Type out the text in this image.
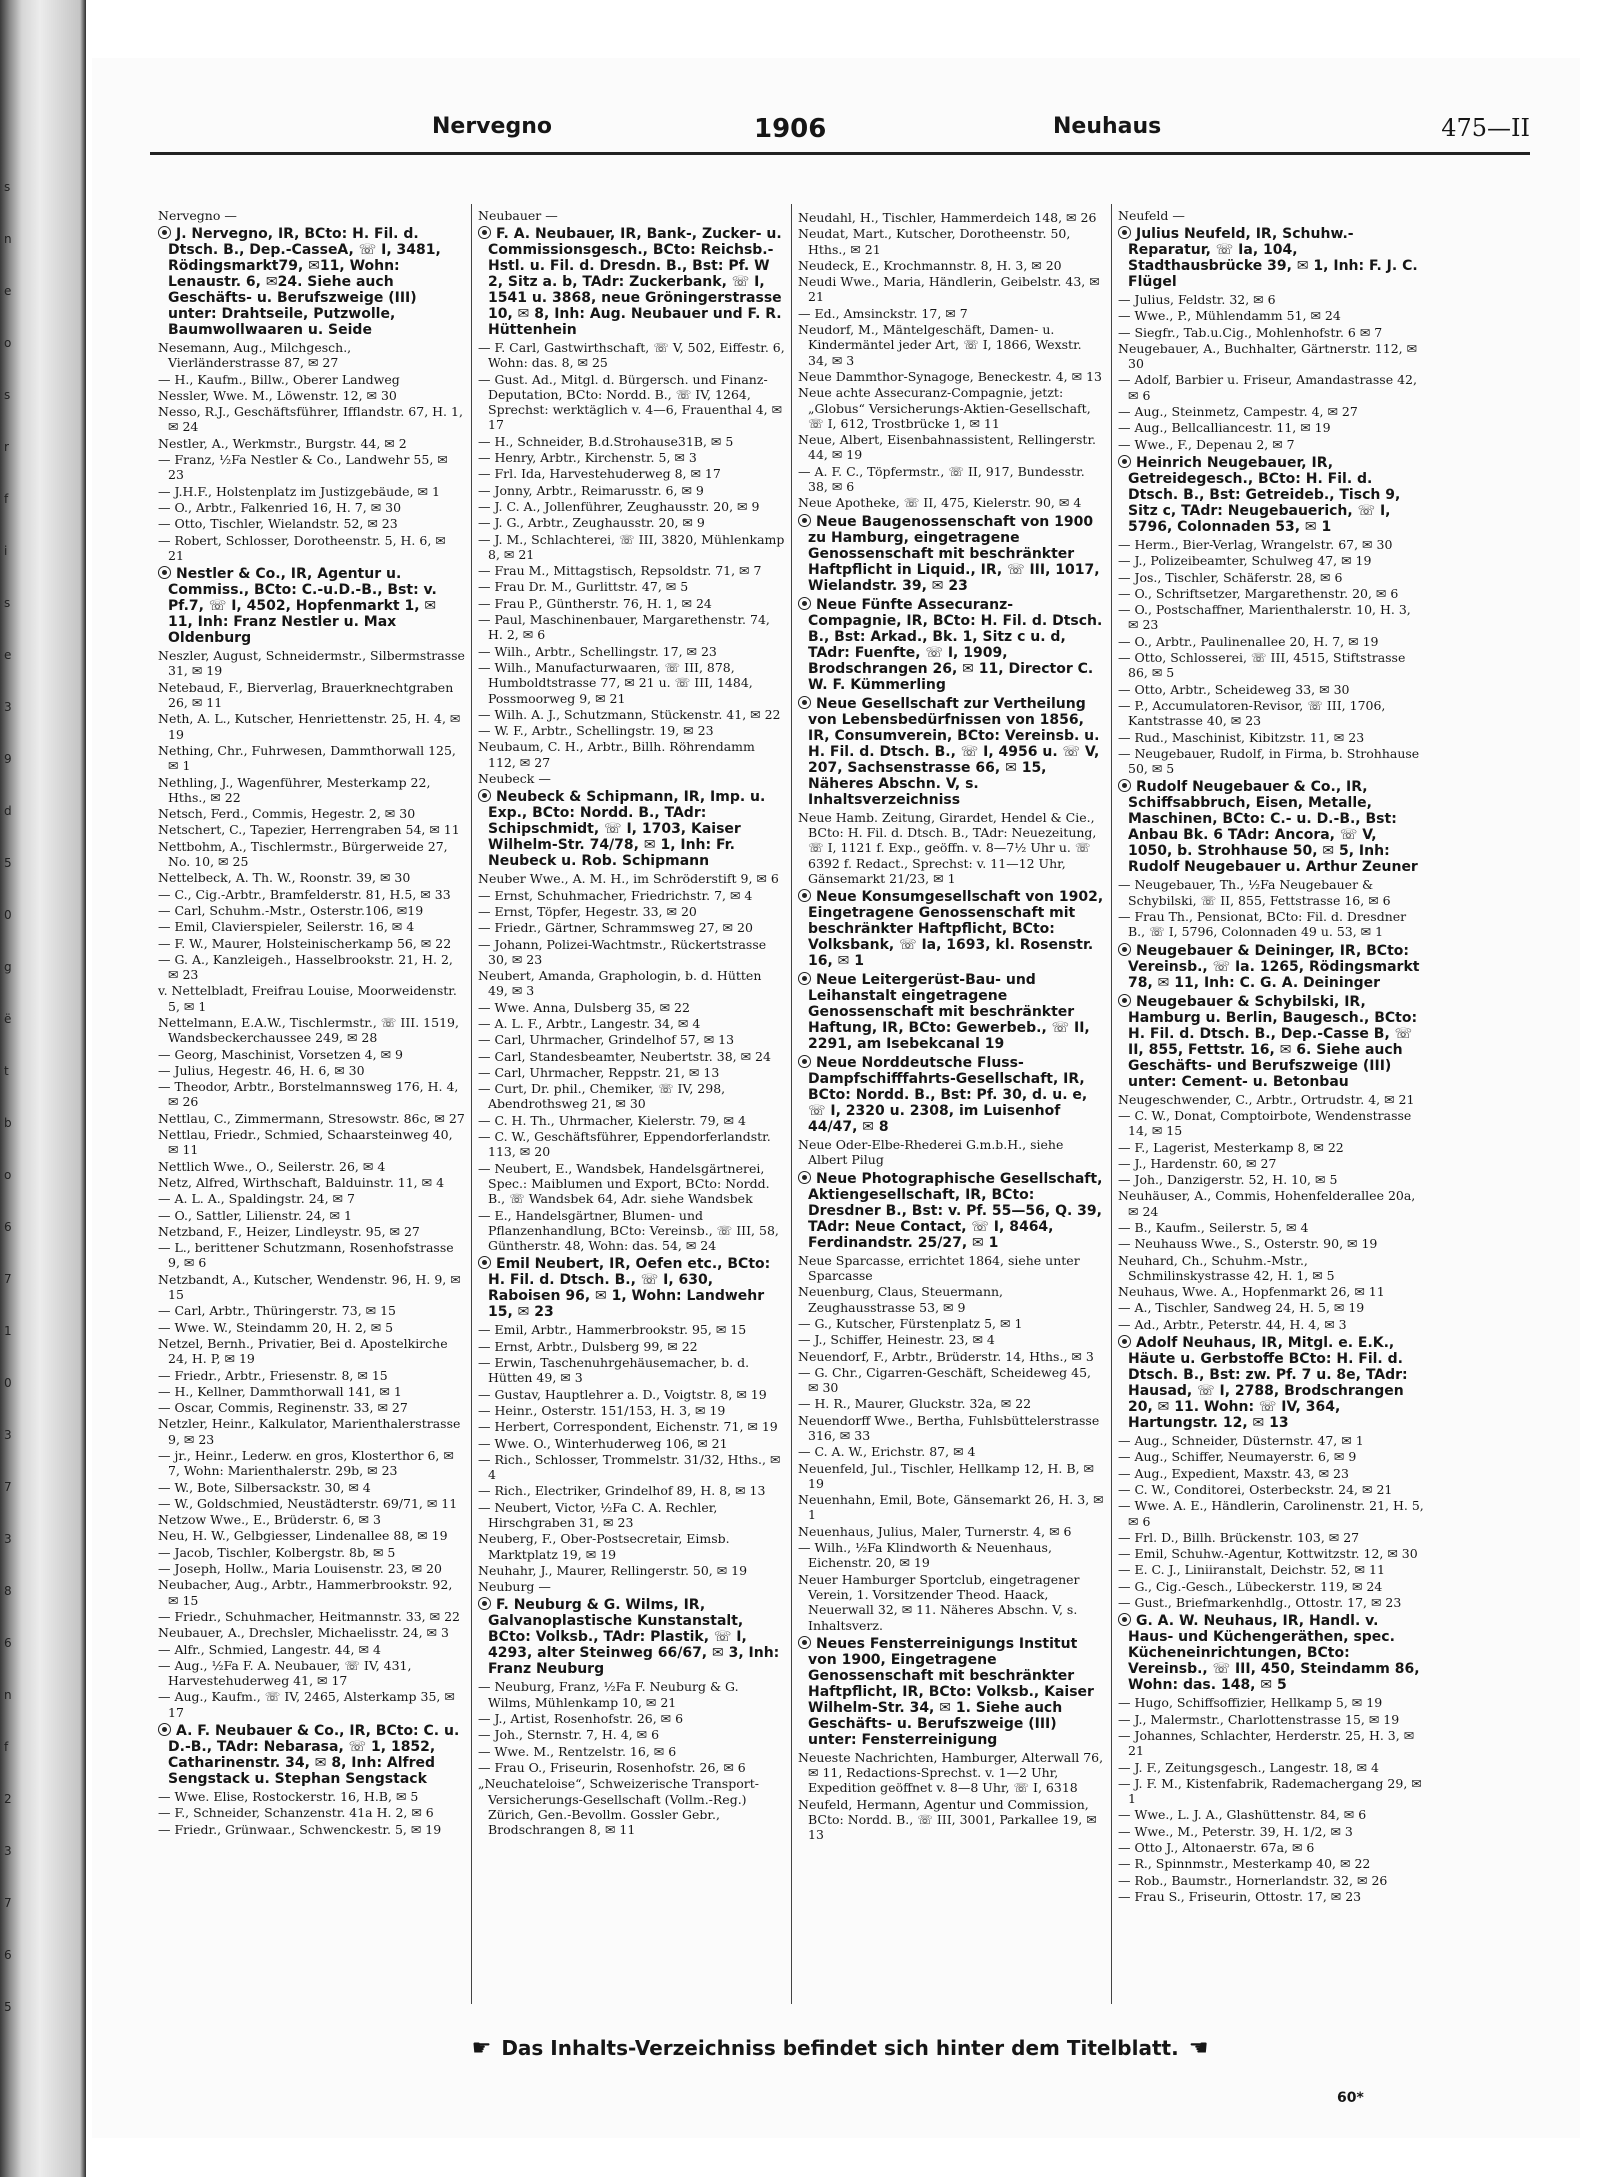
s
n
e
o
s
r
f
i
s
e
3
9
d
5
0
g
ë
t
b
o
6
7
1
0
3
7
3
8
6
n
f
2
3
7
6
5
Nervegno	1906	Neuhaus	475—II
Nervegno —
J. Nervegno, IR, BCto: H. Fil. d. Dtsch. B., Dep.-CasseA, ☏ I, 3481, Rödingsmarkt79, ✉11, Wohn: Lenaustr. 6, ✉24. Siehe auch Geschäfts- u. Berufszweige (III) unter: Drahtseile, Putzwolle, Baumwollwaaren u. Seide
Nesemann, Aug., Milchgesch., Vierländerstrasse 87, ✉ 27
— H., Kaufm., Billw., Oberer Landweg
Nessler, Wwe. M., Löwenstr. 12, ✉ 30
Nesso, R.J., Geschäftsführer, Ifflandstr. 67, H. 1, ✉ 24
Nestler, A., Werkmstr., Burgstr. 44, ✉ 2
— Franz, ½Fa Nestler & Co., Landwehr 55, ✉ 23
— J.H.F., Holstenplatz im Justizgebäude, ✉ 1
— O., Arbtr., Falkenried 16, H. 7, ✉ 30
— Otto, Tischler, Wielandstr. 52, ✉ 23
— Robert, Schlosser, Dorotheenstr. 5, H. 6, ✉ 21
Nestler & Co., IR, Agentur u. Commiss., BCto: C.-u.D.-B., Bst: v. Pf.7, ☏ I, 4502, Hopfenmarkt 1, ✉ 11, Inh: Franz Nestler u. Max Oldenburg
Neszler, August, Schneidermstr., Silbermstrasse 31, ✉ 19
Netebaud, F., Bierverlag, Brauerknechtgraben 26, ✉ 11
Neth, A. L., Kutscher, Henriettenstr. 25, H. 4, ✉ 19
Nething, Chr., Fuhrwesen, Dammthorwall 125, ✉ 1
Nethling, J., Wagenführer, Mesterkamp 22, Hths., ✉ 22
Netsch, Ferd., Commis, Hegestr. 2, ✉ 30
Netschert, C., Tapezier, Herrengraben 54, ✉ 11
Nettbohm, A., Tischlermstr., Bürgerweide 27, No. 10, ✉ 25
Nettelbeck, A. Th. W., Roonstr. 39, ✉ 30
— C., Cig.-Arbtr., Bramfelderstr. 81, H.5, ✉ 33
— Carl, Schuhm.-Mstr., Osterstr.106, ✉19
— Emil, Clavierspieler, Seilerstr. 16, ✉ 4
— F. W., Maurer, Holsteinischerkamp 56, ✉ 22
— G. A., Kanzleigeh., Hasselbrookstr. 21, H. 2, ✉ 23
v. Nettelbladt, Freifrau Louise, Moorweidenstr. 5, ✉ 1
Nettelmann, E.A.W., Tischlermstr., ☏ III. 1519, Wandsbeckerchaussee 249, ✉ 28
— Georg, Maschinist, Vorsetzen 4, ✉ 9
— Julius, Hegestr. 46, H. 6, ✉ 30
— Theodor, Arbtr., Borstelmannsweg 176, H. 4, ✉ 26
Nettlau, C., Zimmermann, Stresowstr. 86c, ✉ 27
Nettlau, Friedr., Schmied, Schaarsteinweg 40, ✉ 11
Nettlich Wwe., O., Seilerstr. 26, ✉ 4
Netz, Alfred, Wirthschaft, Balduinstr. 11, ✉ 4
— A. L. A., Spaldingstr. 24, ✉ 7
— O., Sattler, Lilienstr. 24, ✉ 1
Netzband, F., Heizer, Lindleystr. 95, ✉ 27
— L., berittener Schutzmann, Rosenhofstrasse 9, ✉ 6
Netzbandt, A., Kutscher, Wendenstr. 96, H. 9, ✉ 15
— Carl, Arbtr., Thüringerstr. 73, ✉ 15
— Wwe. W., Steindamm 20, H. 2, ✉ 5
Netzel, Bernh., Privatier, Bei d. Apostelkirche 24, H. P, ✉ 19
— Friedr., Arbtr., Friesenstr. 8, ✉ 15
— H., Kellner, Dammthorwall 141, ✉ 1
— Oscar, Commis, Reginenstr. 33, ✉ 27
Netzler, Heinr., Kalkulator, Marienthalerstrasse 9, ✉ 23
— jr., Heinr., Lederw. en gros, Klosterthor 6, ✉ 7, Wohn: Marienthalerstr. 29b, ✉ 23
— W., Bote, Silbersackstr. 30, ✉ 4
— W., Goldschmied, Neustädterstr. 69/71, ✉ 11
Netzow Wwe., E., Brüderstr. 6, ✉ 3
Neu, H. W., Gelbgiesser, Lindenallee 88, ✉ 19
— Jacob, Tischler, Kolbergstr. 8b, ✉ 5
— Joseph, Hollw., Maria Louisenstr. 23, ✉ 20
Neubacher, Aug., Arbtr., Hammerbrookstr. 92, ✉ 15
— Friedr., Schuhmacher, Heitmannstr. 33, ✉ 22
Neubauer, A., Drechsler, Michaelisstr. 24, ✉ 3
— Alfr., Schmied, Langestr. 44, ✉ 4
— Aug., ½Fa F. A. Neubauer, ☏ IV, 431, Harvestehuderweg 41, ✉ 17
— Aug., Kaufm., ☏ IV, 2465, Alsterkamp 35, ✉ 17
A. F. Neubauer & Co., IR, BCto: C. u. D.-B., TAdr: Nebarasa, ☏ 1, 1852, Catharinenstr. 34, ✉ 8, Inh: Alfred Sengstack u. Stephan Sengstack
— Wwe. Elise, Rostockerstr. 16, H.B, ✉ 5
— F., Schneider, Schanzenstr. 41a H. 2, ✉ 6
— Friedr., Grünwaar., Schwenckestr. 5, ✉ 19
Neubauer —
F. A. Neubauer, IR, Bank-, Zucker- u. Commissionsgesch., BCto: Reichsb.-Hstl. u. Fil. d. Dresdn. B., Bst: Pf. W 2, Sitz a. b, TAdr: Zuckerbank, ☏ I, 1541 u. 3868, neue Gröningerstrasse 10, ✉ 8, Inh: Aug. Neubauer und F. R. Hüttenhein
— F. Carl, Gastwirthschaft, ☏ V, 502, Eiffestr. 6, Wohn: das. 8, ✉ 25
— Gust. Ad., Mitgl. d. Bürgersch. und Finanz-Deputation, BCto: Nordd. B., ☏ IV, 1264, Sprechst: werktäglich v. 4—6, Frauenthal 4, ✉ 17
— H., Schneider, B.d.Strohause31B, ✉ 5
— Henry, Arbtr., Kirchenstr. 5, ✉ 3
— Frl. Ida, Harvestehuderweg 8, ✉ 17
— Jonny, Arbtr., Reimarusstr. 6, ✉ 9
— J. C. A., Jollenführer, Zeughausstr. 20, ✉ 9
— J. G., Arbtr., Zeughausstr. 20, ✉ 9
— J. M., Schlachterei, ☏ III, 3820, Mühlenkamp 8, ✉ 21
— Frau M., Mittagstisch, Repsoldstr. 71, ✉ 7
— Frau Dr. M., Gurlittstr. 47, ✉ 5
— Frau P., Güntherstr. 76, H. 1, ✉ 24
— Paul, Maschinenbauer, Margarethenstr. 74, H. 2, ✉ 6
— Wilh., Arbtr., Schellingstr. 17, ✉ 23
— Wilh., Manufacturwaaren, ☏ III, 878, Humboldtstrasse 77, ✉ 21 u. ☏ III, 1484, Possmoorweg 9, ✉ 21
— Wilh. A. J., Schutzmann, Stückenstr. 41, ✉ 22
— W. F., Arbtr., Schellingstr. 19, ✉ 23
Neubaum, C. H., Arbtr., Billh. Röhrendamm 112, ✉ 27
Neubeck —
Neubeck & Schipmann, IR, Imp. u. Exp., BCto: Nordd. B., TAdr: Schipschmidt, ☏ I, 1703, Kaiser Wilhelm-Str. 74/78, ✉ 1, Inh: Fr. Neubeck u. Rob. Schipmann
Neuber Wwe., A. M. H., im Schröderstift 9, ✉ 6
— Ernst, Schuhmacher, Friedrichstr. 7, ✉ 4
— Ernst, Töpfer, Hegestr. 33, ✉ 20
— Friedr., Gärtner, Schrammsweg 27, ✉ 20
— Johann, Polizei-Wachtmstr., Rückertstrasse 30, ✉ 23
Neubert, Amanda, Graphologin, b. d. Hütten 49, ✉ 3
— Wwe. Anna, Dulsberg 35, ✉ 22
— A. L. F., Arbtr., Langestr. 34, ✉ 4
— Carl, Uhrmacher, Grindelhof 57, ✉ 13
— Carl, Standesbeamter, Neubertstr. 38, ✉ 24
— Carl, Uhrmacher, Reppstr. 21, ✉ 13
— Curt, Dr. phil., Chemiker, ☏ IV, 298, Abendrothsweg 21, ✉ 30
— C. H. Th., Uhrmacher, Kielerstr. 79, ✉ 4
— C. W., Geschäftsführer, Eppendorferlandstr. 113, ✉ 20
— Neubert, E., Wandsbek, Handelsgärtnerei, Spec.: Maiblumen und Export, BCto: Nordd. B., ☏ Wandsbek 64, Adr. siehe Wandsbek
— E., Handelsgärtner, Blumen- und Pflanzenhandlung, BCto: Vereinsb., ☏ III, 58, Güntherstr. 48, Wohn: das. 54, ✉ 24
Emil Neubert, IR, Oefen etc., BCto: H. Fil. d. Dtsch. B., ☏ I, 630, Raboisen 96, ✉ 1, Wohn: Landwehr 15, ✉ 23
— Emil, Arbtr., Hammerbrookstr. 95, ✉ 15
— Ernst, Arbtr., Dulsberg 99, ✉ 22
— Erwin, Taschenuhrgehäusemacher, b. d. Hütten 49, ✉ 3
— Gustav, Hauptlehrer a. D., Voigtstr. 8, ✉ 19
— Heinr., Osterstr. 151/153, H. 3, ✉ 19
— Herbert, Correspondent, Eichenstr. 71, ✉ 19
— Wwe. O., Winterhuderweg 106, ✉ 21
— Rich., Schlosser, Trommelstr. 31/32, Hths., ✉ 4
— Rich., Electriker, Grindelhof 89, H. 8, ✉ 13
— Neubert, Victor, ½Fa C. A. Rechler, Hirschgraben 31, ✉ 23
Neuberg, F., Ober-Postsecretair, Eimsb. Marktplatz 19, ✉ 19
Neuhahr, J., Maurer, Rellingerstr. 50, ✉ 19
Neuburg —
F. Neuburg & G. Wilms, IR, Galvanoplastische Kunstanstalt, BCto: Volksb., TAdr: Plastik, ☏ I, 4293, alter Steinweg 66/67, ✉ 3, Inh: Franz Neuburg
— Neuburg, Franz, ½Fa F. Neuburg & G. Wilms, Mühlenkamp 10, ✉ 21
— J., Artist, Rosenhofstr. 26, ✉ 6
— Joh., Sternstr. 7, H. 4, ✉ 6
— Wwe. M., Rentzelstr. 16, ✉ 6
— Frau O., Friseurin, Rosenhofstr. 26, ✉ 6
„Neuchateloise“, Schweizerische Transport-Versicherungs-Gesellschaft (Vollm.-Reg.) Zürich, Gen.-Bevollm. Gossler Gebr., Brodschrangen 8, ✉ 11
Neudahl, H., Tischler, Hammerdeich 148, ✉ 26
Neudat, Mart., Kutscher, Dorotheenstr. 50, Hths., ✉ 21
Neudeck, E., Krochmannstr. 8, H. 3, ✉ 20
Neudi Wwe., Maria, Händlerin, Geibelstr. 43, ✉ 21
— Ed., Amsinckstr. 17, ✉ 7
Neudorf, M., Mäntelgeschäft, Damen- u. Kindermäntel jeder Art, ☏ I, 1866, Wexstr. 34, ✉ 3
Neue Dammthor-Synagoge, Beneckestr. 4, ✉ 13
Neue achte Assecuranz-Compagnie, jetzt: „Globus“ Versicherungs-Aktien-Gesellschaft, ☏ I, 612, Trostbrücke 1, ✉ 11
Neue, Albert, Eisenbahnassistent, Rellingerstr. 44, ✉ 19
— A. F. C., Töpfermstr., ☏ II, 917, Bundesstr. 38, ✉ 6
Neue Apotheke, ☏ II, 475, Kielerstr. 90, ✉ 4
Neue Baugenossenschaft von 1900 zu Hamburg, eingetragene Genossenschaft mit beschränkter Haftpflicht in Liquid., IR, ☏ III, 1017, Wielandstr. 39, ✉ 23
Neue Fünfte Assecuranz-Compagnie, IR, BCto: H. Fil. d. Dtsch. B., Bst: Arkad., Bk. 1, Sitz c u. d, TAdr: Fuenfte, ☏ I, 1909, Brodschrangen 26, ✉ 11, Director C. W. F. Kümmerling
Neue Gesellschaft zur Vertheilung von Lebensbedürfnissen von 1856, IR, Consumverein, BCto: Vereinsb. u. H. Fil. d. Dtsch. B., ☏ I, 4956 u. ☏ V, 207, Sachsenstrasse 66, ✉ 15, Näheres Abschn. V, s. Inhaltsverzeichniss
Neue Hamb. Zeitung, Girardet, Hendel & Cie., BCto: H. Fil. d. Dtsch. B., TAdr: Neuezeitung, ☏ I, 1121 f. Exp., geöffn. v. 8—7½ Uhr u. ☏ 6392 f. Redact., Sprechst: v. 11—12 Uhr, Gänsemarkt 21/23, ✉ 1
Neue Konsumgesellschaft von 1902, Eingetragene Genossenschaft mit beschränkter Haftpflicht, BCto: Volksbank, ☏ Ia, 1693, kl. Rosenstr. 16, ✉ 1
Neue Leitergerüst-Bau- und Leihanstalt eingetragene Genossenschaft mit beschränkter Haftung, IR, BCto: Gewerbeb., ☏ II, 2291, am Isebekcanal 19
Neue Norddeutsche Fluss-Dampfschifffahrts-Gesellschaft, IR, BCto: Nordd. B., Bst: Pf. 30, d. u. e, ☏ I, 2320 u. 2308, im Luisenhof 44/47, ✉ 8
Neue Oder-Elbe-Rhederei G.m.b.H., siehe Albert Pilug
Neue Photographische Gesellschaft, Aktiengesellschaft, IR, BCto: Dresdner B., Bst: v. Pf. 55—56, Q. 39, TAdr: Neue Contact, ☏ I, 8464, Ferdinandstr. 25/27, ✉ 1
Neue Sparcasse, errichtet 1864, siehe unter Sparcasse
Neuenburg, Claus, Steuermann, Zeughausstrasse 53, ✉ 9
— G., Kutscher, Fürstenplatz 5, ✉ 1
— J., Schiffer, Heinestr. 23, ✉ 4
Neuendorf, F., Arbtr., Brüderstr. 14, Hths., ✉ 3
— G. Chr., Cigarren-Geschäft, Scheideweg 45, ✉ 30
— H. R., Maurer, Gluckstr. 32a, ✉ 22
Neuendorff Wwe., Bertha, Fuhlsbüttelerstrasse 316, ✉ 33
— C. A. W., Erichstr. 87, ✉ 4
Neuenfeld, Jul., Tischler, Hellkamp 12, H. B, ✉ 19
Neuenhahn, Emil, Bote, Gänsemarkt 26, H. 3, ✉ 1
Neuenhaus, Julius, Maler, Turnerstr. 4, ✉ 6
— Wilh., ½Fa Klindworth & Neuenhaus, Eichenstr. 20, ✉ 19
Neuer Hamburger Sportclub, eingetragener Verein, 1. Vorsitzender Theod. Haack, Neuerwall 32, ✉ 11. Näheres Abschn. V, s. Inhaltsverz.
Neues Fensterreinigungs Institut von 1900, Eingetragene Genossenschaft mit beschränkter Haftpflicht, IR, BCto: Volksb., Kaiser Wilhelm-Str. 34, ✉ 1. Siehe auch Geschäfts- u. Berufszweige (III) unter: Fensterreinigung
Neueste Nachrichten, Hamburger, Alterwall 76, ✉ 11, Redactions-Sprechst. v. 1—2 Uhr, Expedition geöffnet v. 8—8 Uhr, ☏ I, 6318
Neufeld, Hermann, Agentur und Commission, BCto: Nordd. B., ☏ III, 3001, Parkallee 19, ✉ 13
Neufeld —
Julius Neufeld, IR, Schuhw.-Reparatur, ☏ Ia, 104, Stadthausbrücke 39, ✉ 1, Inh: F. J. C. Flügel
— Julius, Feldstr. 32, ✉ 6
— Wwe., P., Mühlendamm 51, ✉ 24
— Siegfr., Tab.u.Cig., Mohlenhofstr. 6 ✉ 7
Neugebauer, A., Buchhalter, Gärtnerstr. 112, ✉ 30
— Adolf, Barbier u. Friseur, Amandastrasse 42, ✉ 6
— Aug., Steinmetz, Campestr. 4, ✉ 27
— Aug., Bellcalliancestr. 11, ✉ 19
— Wwe., F., Depenau 2, ✉ 7
Heinrich Neugebauer, IR, Getreidegesch., BCto: H. Fil. d. Dtsch. B., Bst: Getreideb., Tisch 9, Sitz c, TAdr: Neugebauerich, ☏ I, 5796, Colonnaden 53, ✉ 1
— Herm., Bier-Verlag, Wrangelstr. 67, ✉ 30
— J., Polizeibeamter, Schulweg 47, ✉ 19
— Jos., Tischler, Schäferstr. 28, ✉ 6
— O., Schriftsetzer, Margarethenstr. 20, ✉ 6
— O., Postschaffner, Marienthalerstr. 10, H. 3, ✉ 23
— O., Arbtr., Paulinenallee 20, H. 7, ✉ 19
— Otto, Schlosserei, ☏ III, 4515, Stiftstrasse 86, ✉ 5
— Otto, Arbtr., Scheideweg 33, ✉ 30
— P., Accumulatoren-Revisor, ☏ III, 1706, Kantstrasse 40, ✉ 23
— Rud., Maschinist, Kibitzstr. 11, ✉ 23
— Neugebauer, Rudolf, in Firma, b. Strohhause 50, ✉ 5
Rudolf Neugebauer & Co., IR, Schiffsabbruch, Eisen, Metalle, Maschinen, BCto: C.- u. D.-B., Bst: Anbau Bk. 6 TAdr: Ancora, ☏ V, 1050, b. Strohhause 50, ✉ 5, Inh: Rudolf Neugebauer u. Arthur Zeuner
— Neugebauer, Th., ½Fa Neugebauer & Schybilski, ☏ II, 855, Fettstrasse 16, ✉ 6
— Frau Th., Pensionat, BCto: Fil. d. Dresdner B., ☏ I, 5796, Colonnaden 49 u. 53, ✉ 1
Neugebauer & Deininger, IR, BCto: Vereinsb., ☏ Ia. 1265, Rödingsmarkt 78, ✉ 11, Inh: C. G. A. Deininger
Neugebauer & Schybilski, IR, Hamburg u. Berlin, Baugesch., BCto: H. Fil. d. Dtsch. B., Dep.-Casse B, ☏ II, 855, Fettstr. 16, ✉ 6. Siehe auch Geschäfts- und Berufszweige (III) unter: Cement- u. Betonbau
Neugeschwender, C., Arbtr., Ortrudstr. 4, ✉ 21
— C. W., Donat, Comptoirbote, Wendenstrasse 14, ✉ 15
— F., Lagerist, Mesterkamp 8, ✉ 22
— J., Hardenstr. 60, ✉ 27
— Joh., Danzigerstr. 52, H. 10, ✉ 5
Neuhäuser, A., Commis, Hohenfelderallee 20a, ✉ 24
— B., Kaufm., Seilerstr. 5, ✉ 4
— Neuhauss Wwe., S., Osterstr. 90, ✉ 19
Neuhard, Ch., Schuhm.-Mstr., Schmilinskystrasse 42, H. 1, ✉ 5
Neuhaus, Wwe. A., Hopfenmarkt 26, ✉ 11
— A., Tischler, Sandweg 24, H. 5, ✉ 19
— Ad., Arbtr., Peterstr. 44, H. 4, ✉ 3
Adolf Neuhaus, IR, Mitgl. e. E.K., Häute u. Gerbstoffe BCto: H. Fil. d. Dtsch. B., Bst: zw. Pf. 7 u. 8e, TAdr: Hausad, ☏ I, 2788, Brodschrangen 20, ✉ 11. Wohn: ☏ IV, 364, Hartungstr. 12, ✉ 13
— Aug., Schneider, Düsternstr. 47, ✉ 1
— Aug., Schiffer, Neumayerstr. 6, ✉ 9
— Aug., Expedient, Maxstr. 43, ✉ 23
— C. W., Conditorei, Osterbeckstr. 24, ✉ 21
— Wwe. A. E., Händlerin, Carolinenstr. 21, H. 5, ✉ 6
— Frl. D., Billh. Brückenstr. 103, ✉ 27
— Emil, Schuhw.-Agentur, Kottwitzstr. 12, ✉ 30
— E. C. J., Liniiranstalt, Deichstr. 52, ✉ 11
— G., Cig.-Gesch., Lübeckerstr. 119, ✉ 24
— Gust., Briefmarkenhdlg., Ottostr. 17, ✉ 23
G. A. W. Neuhaus, IR, Handl. v. Haus- und Küchengeräthen, spec. Kücheneinrichtungen, BCto: Vereinsb., ☏ III, 450, Steindamm 86, Wohn: das. 148, ✉ 5
— Hugo, Schiffsoffizier, Hellkamp 5, ✉ 19
— J., Malermstr., Charlottenstrasse 15, ✉ 19
— Johannes, Schlachter, Herderstr. 25, H. 3, ✉ 21
— J. F., Zeitungsgesch., Langestr. 18, ✉ 4
— J. F. M., Kistenfabrik, Rademachergang 29, ✉ 1
— Wwe., L. J. A., Glashüttenstr. 84, ✉ 6
— Wwe., M., Peterstr. 39, H. 1/2, ✉ 3
— Otto J., Altonaerstr. 67a, ✉ 6
— R., Spinnmstr., Mesterkamp 40, ✉ 22
— Rob., Baumstr., Hornerlandstr. 32, ✉ 26
— Frau S., Friseurin, Ottostr. 17, ✉ 23
☛ Das Inhalts-Verzeichniss befindet sich hinter dem Titelblatt. ☚
60*
